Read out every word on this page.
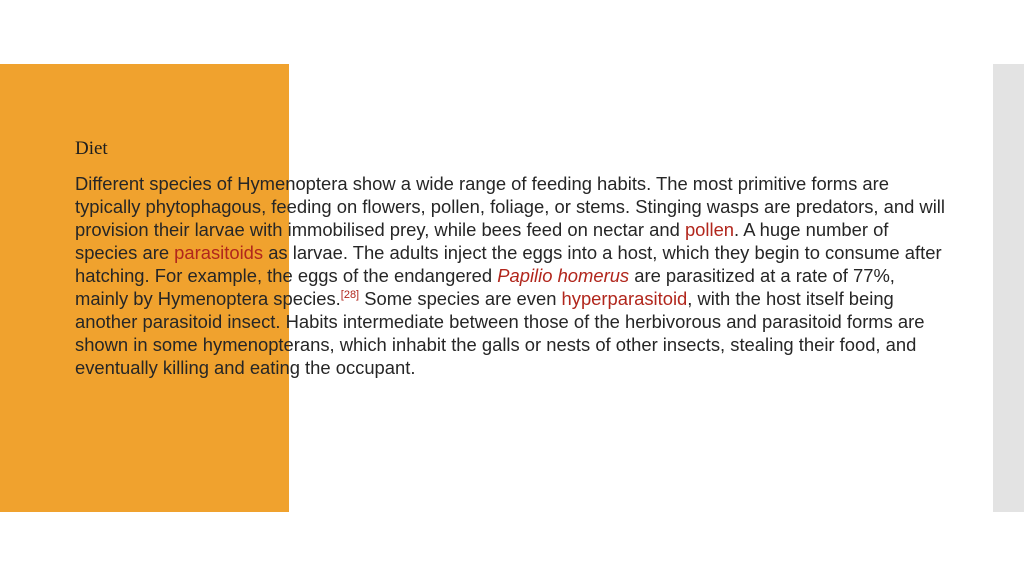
Diet

Different species of Hymenoptera show a wide range of feeding habits. The most primitive forms are typically phytophagous, feeding on flowers, pollen, foliage, or stems. Stinging wasps are predators, and will provision their larvae with immobilised prey, while bees feed on nectar and pollen. A huge number of species are parasitoids as larvae. The adults inject the eggs into a host, which they begin to consume after hatching. For example, the eggs of the endangered Papilio homerus are parasitized at a rate of 77%, mainly by Hymenoptera species.[28] Some species are even hyperparasitoid, with the host itself being another parasitoid insect. Habits intermediate between those of the herbivorous and parasitoid forms are shown in some hymenopterans, which inhabit the galls or nests of other insects, stealing their food, and eventually killing and eating the occupant.
